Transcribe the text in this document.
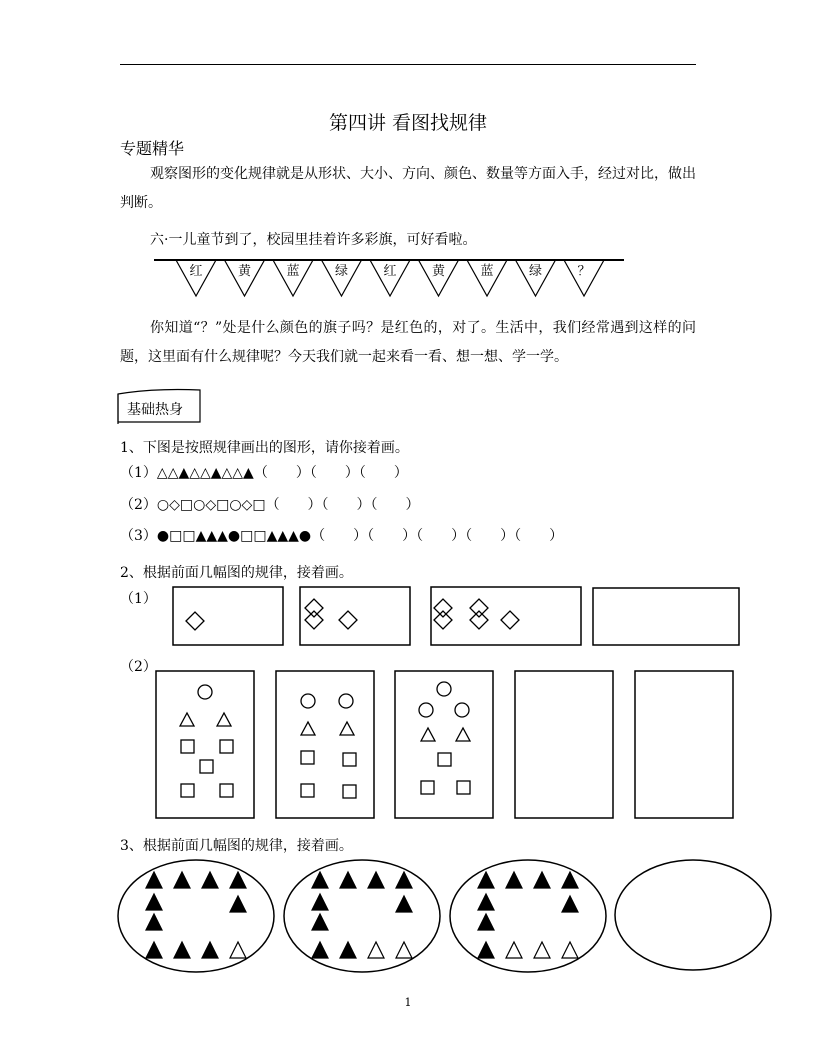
第四讲 看图找规律
专题精华
观察图形的变化规律就是从形状、大小、方向、颜色、数量等方面入手，经过对比，做出判断。
六·一儿童节到了，校园里挂着许多彩旗，可好看啦。
红	黄	蓝	绿	红	黄	蓝	绿	？
你知道“？”处是什么颜色的旗子吗？是红色的，对了。生活中，我们经常遇到这样的问题，这里面有什么规律呢？今天我们就一起来看一看、想一想、学一学。
基础热身
1、下图是按照规律画出的图形，请你接着画。
（1）△△▲△△▲△△▲（　　）（　　）（　　）
（2）○◇□○◇□○◇□（　　）（　　）（　　）
（3）●□□▲▲▲●□□▲▲▲●（　　）（　　）（　　）（　　）（　　）
2、根据前面几幅图的规律，接着画。
（1）
（2）
3、根据前面几幅图的规律，接着画。
1
